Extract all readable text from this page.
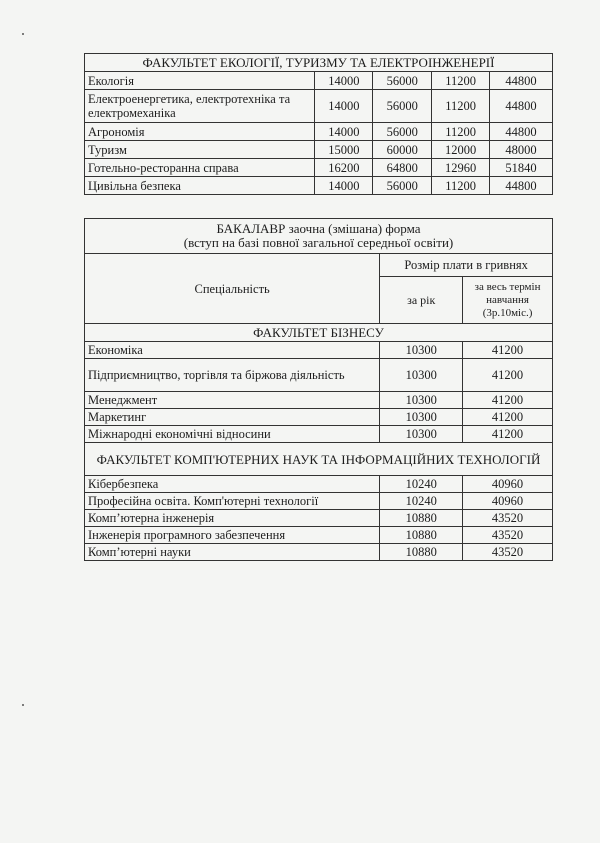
ФАКУЛЬТЕТ ЕКОЛОГІЇ, ТУРИЗМУ ТА ЕЛЕКТРОІНЖЕНЕРІЇ				
Екологія	14000	56000	11200	44800
Електроенергетика, електротехніка та електромеханіка	14000	56000	11200	44800
Агрономія	14000	56000	11200	44800
Туризм	15000	60000	12000	48000
Готельно-ресторанна справа	16200	64800	12960	51840
Цивільна безпека	14000	56000	11200	44800
БАКАЛАВР заочна (змішана) форма
(вступ на базі повної загальної середньої освіти)		

Спеціальність	Розмір плати в гривнях	
	за рік	за весь термін
навчання
(3р.10міс.)

ФАКУЛЬТЕТ БІЗНЕСУ		
Економіка	10300	41200
Підприємництво, торгівля та біржова діяльність	10300	41200
Менеджмент	10300	41200
Маркетинг	10300	41200
Міжнародні економічні відносини	10300	41200
ФАКУЛЬТЕТ КОМП'ЮТЕРНИХ НАУК ТА ІНФОРМАЦІЙНИХ ТЕХНОЛОГІЙ		
Кібербезпека	10240	40960
Професійна освіта. Комп'ютерні технології	10240	40960
Комп’ютерна інженерія	10880	43520
Інженерія програмного забезпечення	10880	43520
Комп’ютерні науки	10880	43520
